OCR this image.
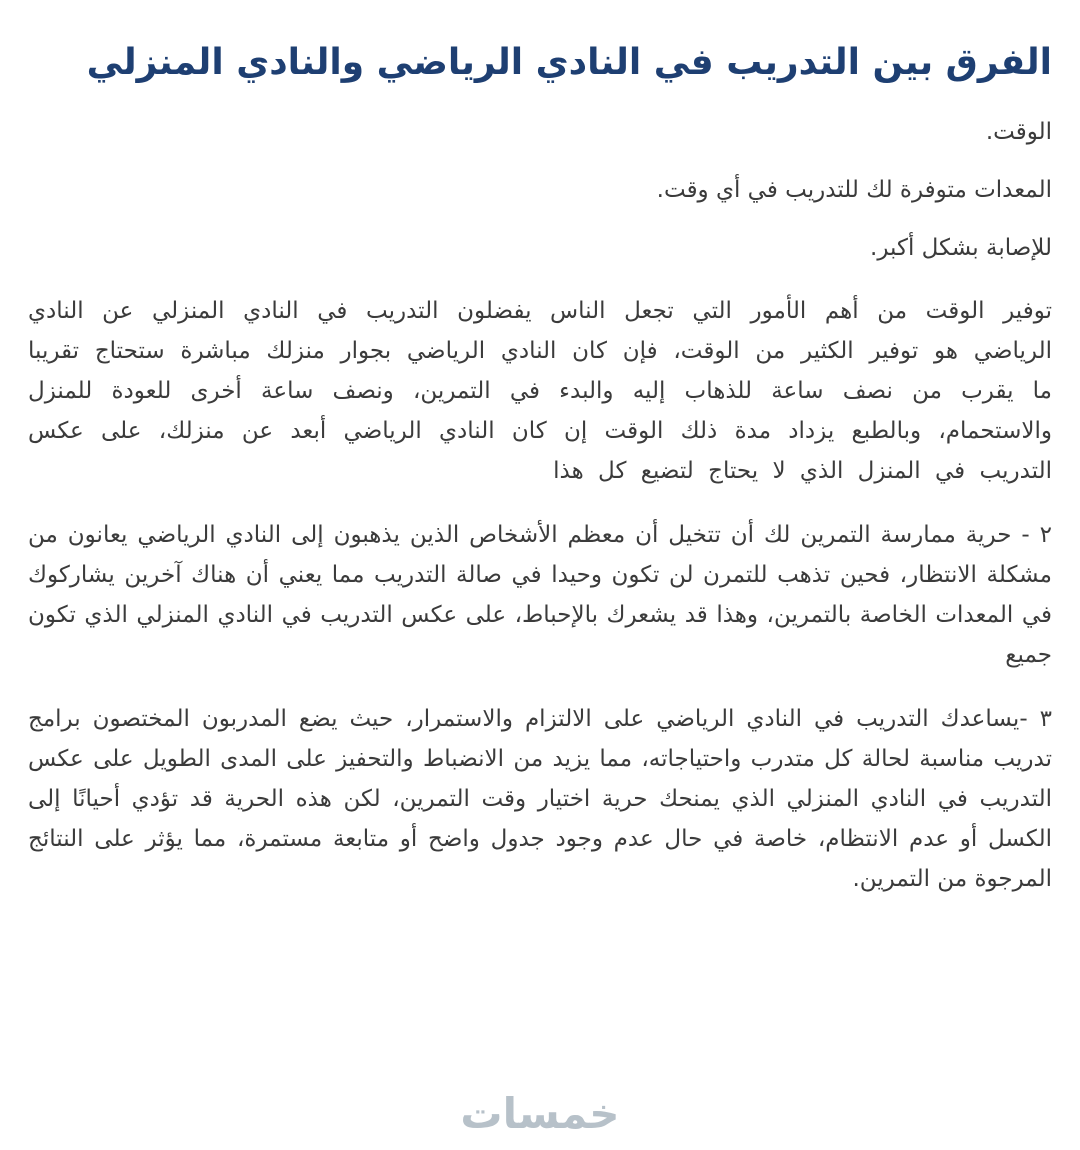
الفرق بين التدريب في النادي الرياضي والنادي المنزلي

الوقت.

المعدات متوفرة لك للتدريب في أي وقت.

للإصابة بشكل أكبر.

توفير الوقت من أهم الأمور التي تجعل الناس يفضلون التدريب في النادي المنزلي عن النادي الرياضي هو توفير الكثير من الوقت، فإن كان النادي الرياضي بجوار منزلك مباشرة ستحتاج تقريبا ما يقرب من نصف ساعة للذهاب إليه والبدء في التمرين، ونصف ساعة أخرى للعودة للمنزل والاستحمام، وبالطبع يزداد مدة ذلك الوقت إن كان النادي الرياضي أبعد عن منزلك، على عكس التدريب في المنزل الذي لا يحتاج لتضيع كل هذا

٢ - حرية ممارسة التمرين لك أن تتخيل أن معظم الأشخاص الذين يذهبون إلى النادي الرياضي يعانون من مشكلة الانتظار، فحين تذهب للتمرن لن تكون وحيدا في صالة التدريب مما يعني أن هناك آخرين يشاركوك في المعدات الخاصة بالتمرين، وهذا قد يشعرك بالإحباط، على عكس التدريب في النادي المنزلي الذي تكون جميع

٣ -يساعدك التدريب في النادي الرياضي على الالتزام والاستمرار، حيث يضع المدربون المختصون برامج تدريب مناسبة لحالة كل متدرب واحتياجاته، مما يزيد من الانضباط والتحفيز على المدى الطويل على عكس التدريب في النادي المنزلي الذي يمنحك حرية اختيار وقت التمرين، لكن هذه الحرية قد تؤدي أحيانًا إلى الكسل أو عدم الانتظام، خاصة في حال عدم وجود جدول واضح أو متابعة مستمرة، مما يؤثر على النتائج المرجوة من التمرين.

خمسات
